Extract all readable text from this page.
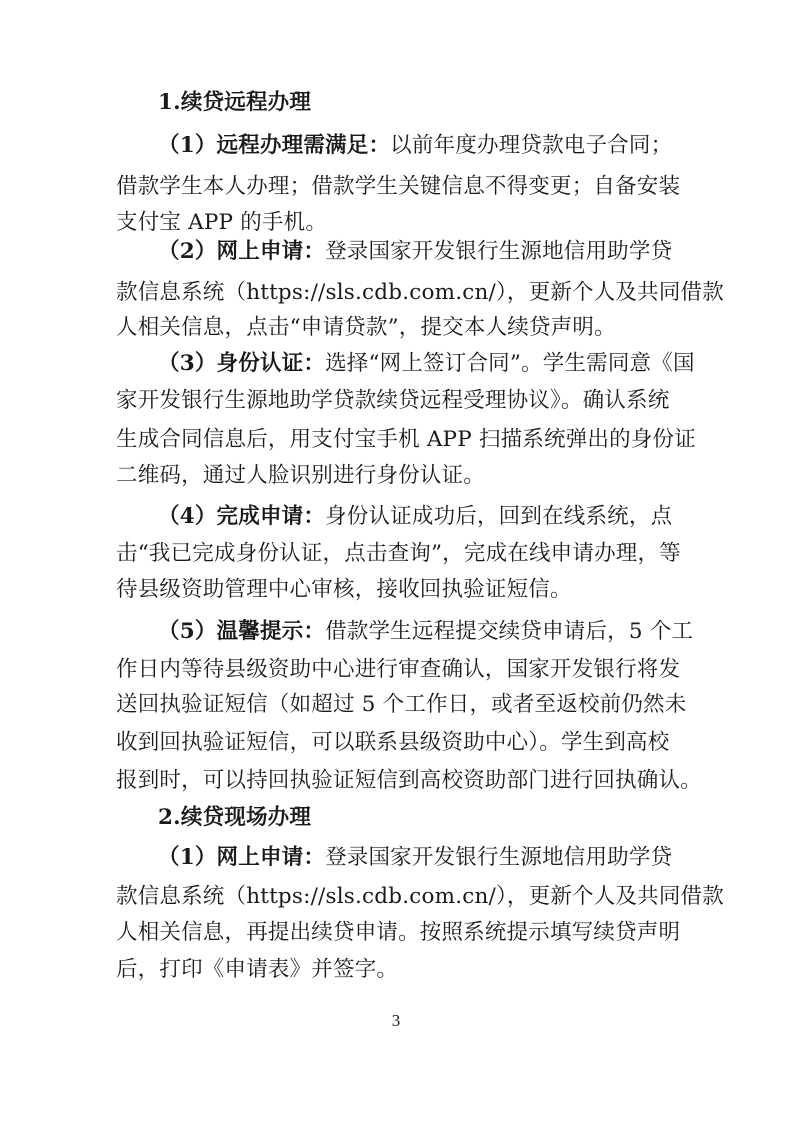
1.续贷远程办理
（1）远程办理需满足：以前年度办理贷款电子合同；
借款学生本人办理；借款学生关键信息不得变更；自备安装
支付宝 APP 的手机。
（2）网上申请：登录国家开发银行生源地信用助学贷
款信息系统（https://sls.cdb.com.cn/），更新个人及共同借款
人相关信息，点击“申请贷款”，提交本人续贷声明。
（3）身份认证：选择“网上签订合同”。学生需同意《国
家开发银行生源地助学贷款续贷远程受理协议》。确认系统
生成合同信息后，用支付宝手机 APP 扫描系统弹出的身份证
二维码，通过人脸识别进行身份认证。
（4）完成申请：身份认证成功后，回到在线系统，点
击“我已完成身份认证，点击查询”，完成在线申请办理，等
待县级资助管理中心审核，接收回执验证短信。
（5）温馨提示：借款学生远程提交续贷申请后，5 个工
作日内等待县级资助中心进行审查确认，国家开发银行将发
送回执验证短信（如超过 5 个工作日，或者至返校前仍然未
收到回执验证短信，可以联系县级资助中心）。学生到高校
报到时，可以持回执验证短信到高校资助部门进行回执确认。
2.续贷现场办理
（1）网上申请：登录国家开发银行生源地信用助学贷
款信息系统（https://sls.cdb.com.cn/），更新个人及共同借款
人相关信息，再提出续贷申请。按照系统提示填写续贷声明
后，打印《申请表》并签字。
3
